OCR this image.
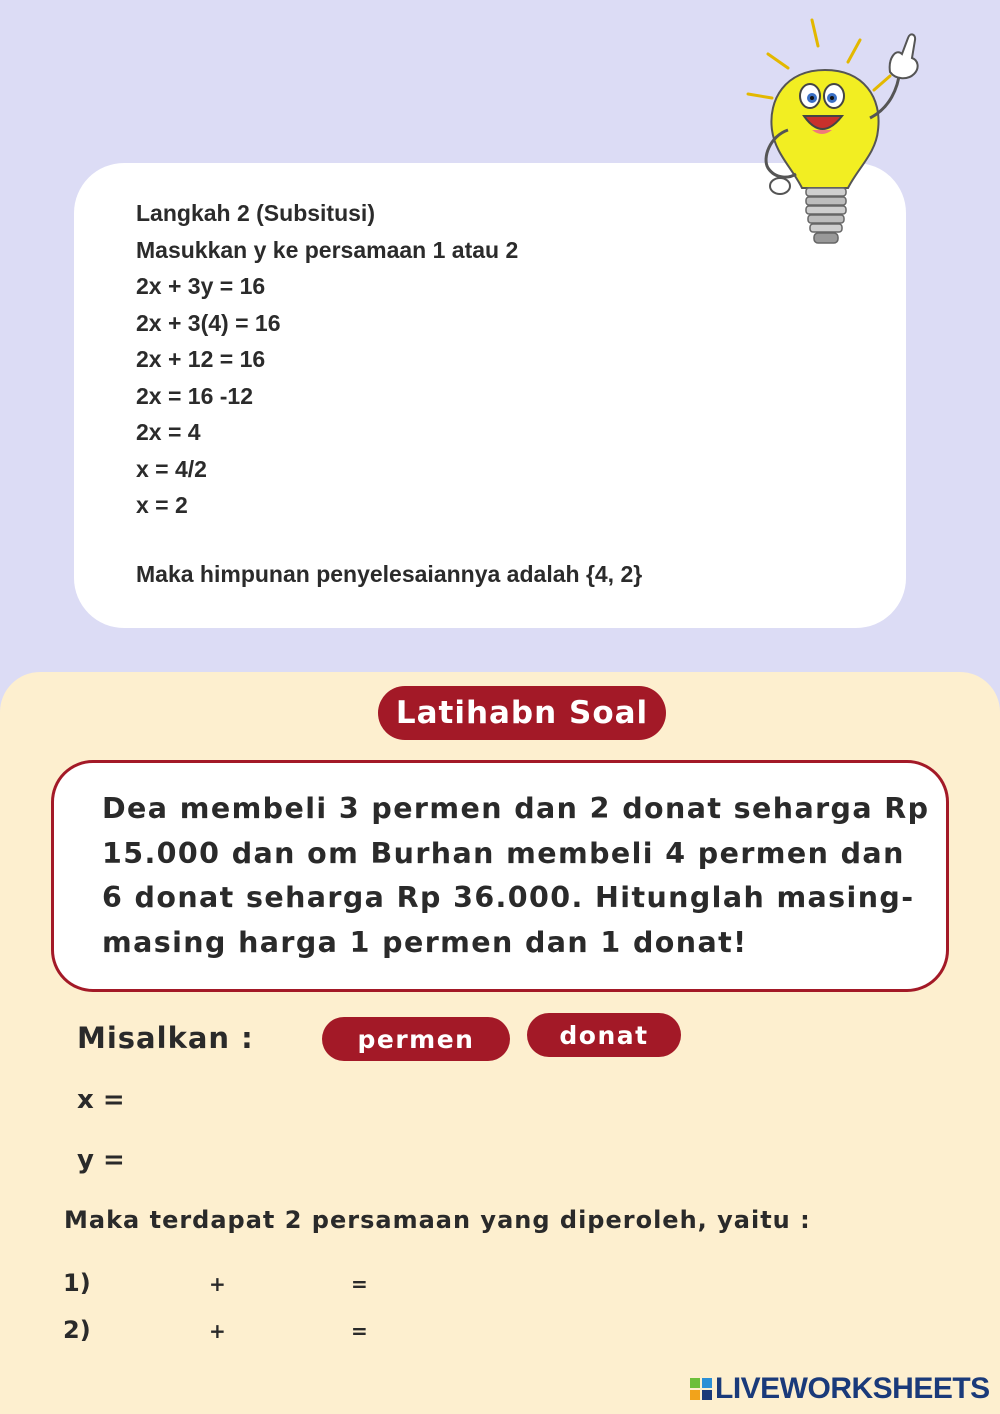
Langkah 2 (Subsitusi)
Masukkan y ke persamaan 1 atau 2
2x + 3y = 16
2x + 3(4) = 16
2x + 12 = 16
2x = 16 -12
2x = 4
x = 4/2
x = 2
Maka himpunan penyelesaiannya adalah {4, 2}
Latihabn Soal
Dea membeli 3 permen dan 2 donat seharga Rp 15.000 dan om Burhan membeli 4 permen dan 6 donat seharga Rp 36.000. Hitunglah masing-masing harga 1 permen dan 1 donat!
Misalkan :	permen	donat
x =
y =
Maka terdapat 2 persamaan yang diperoleh, yaitu :
1)	+	=
2)	+	=
LIVEWORKSHEETS
